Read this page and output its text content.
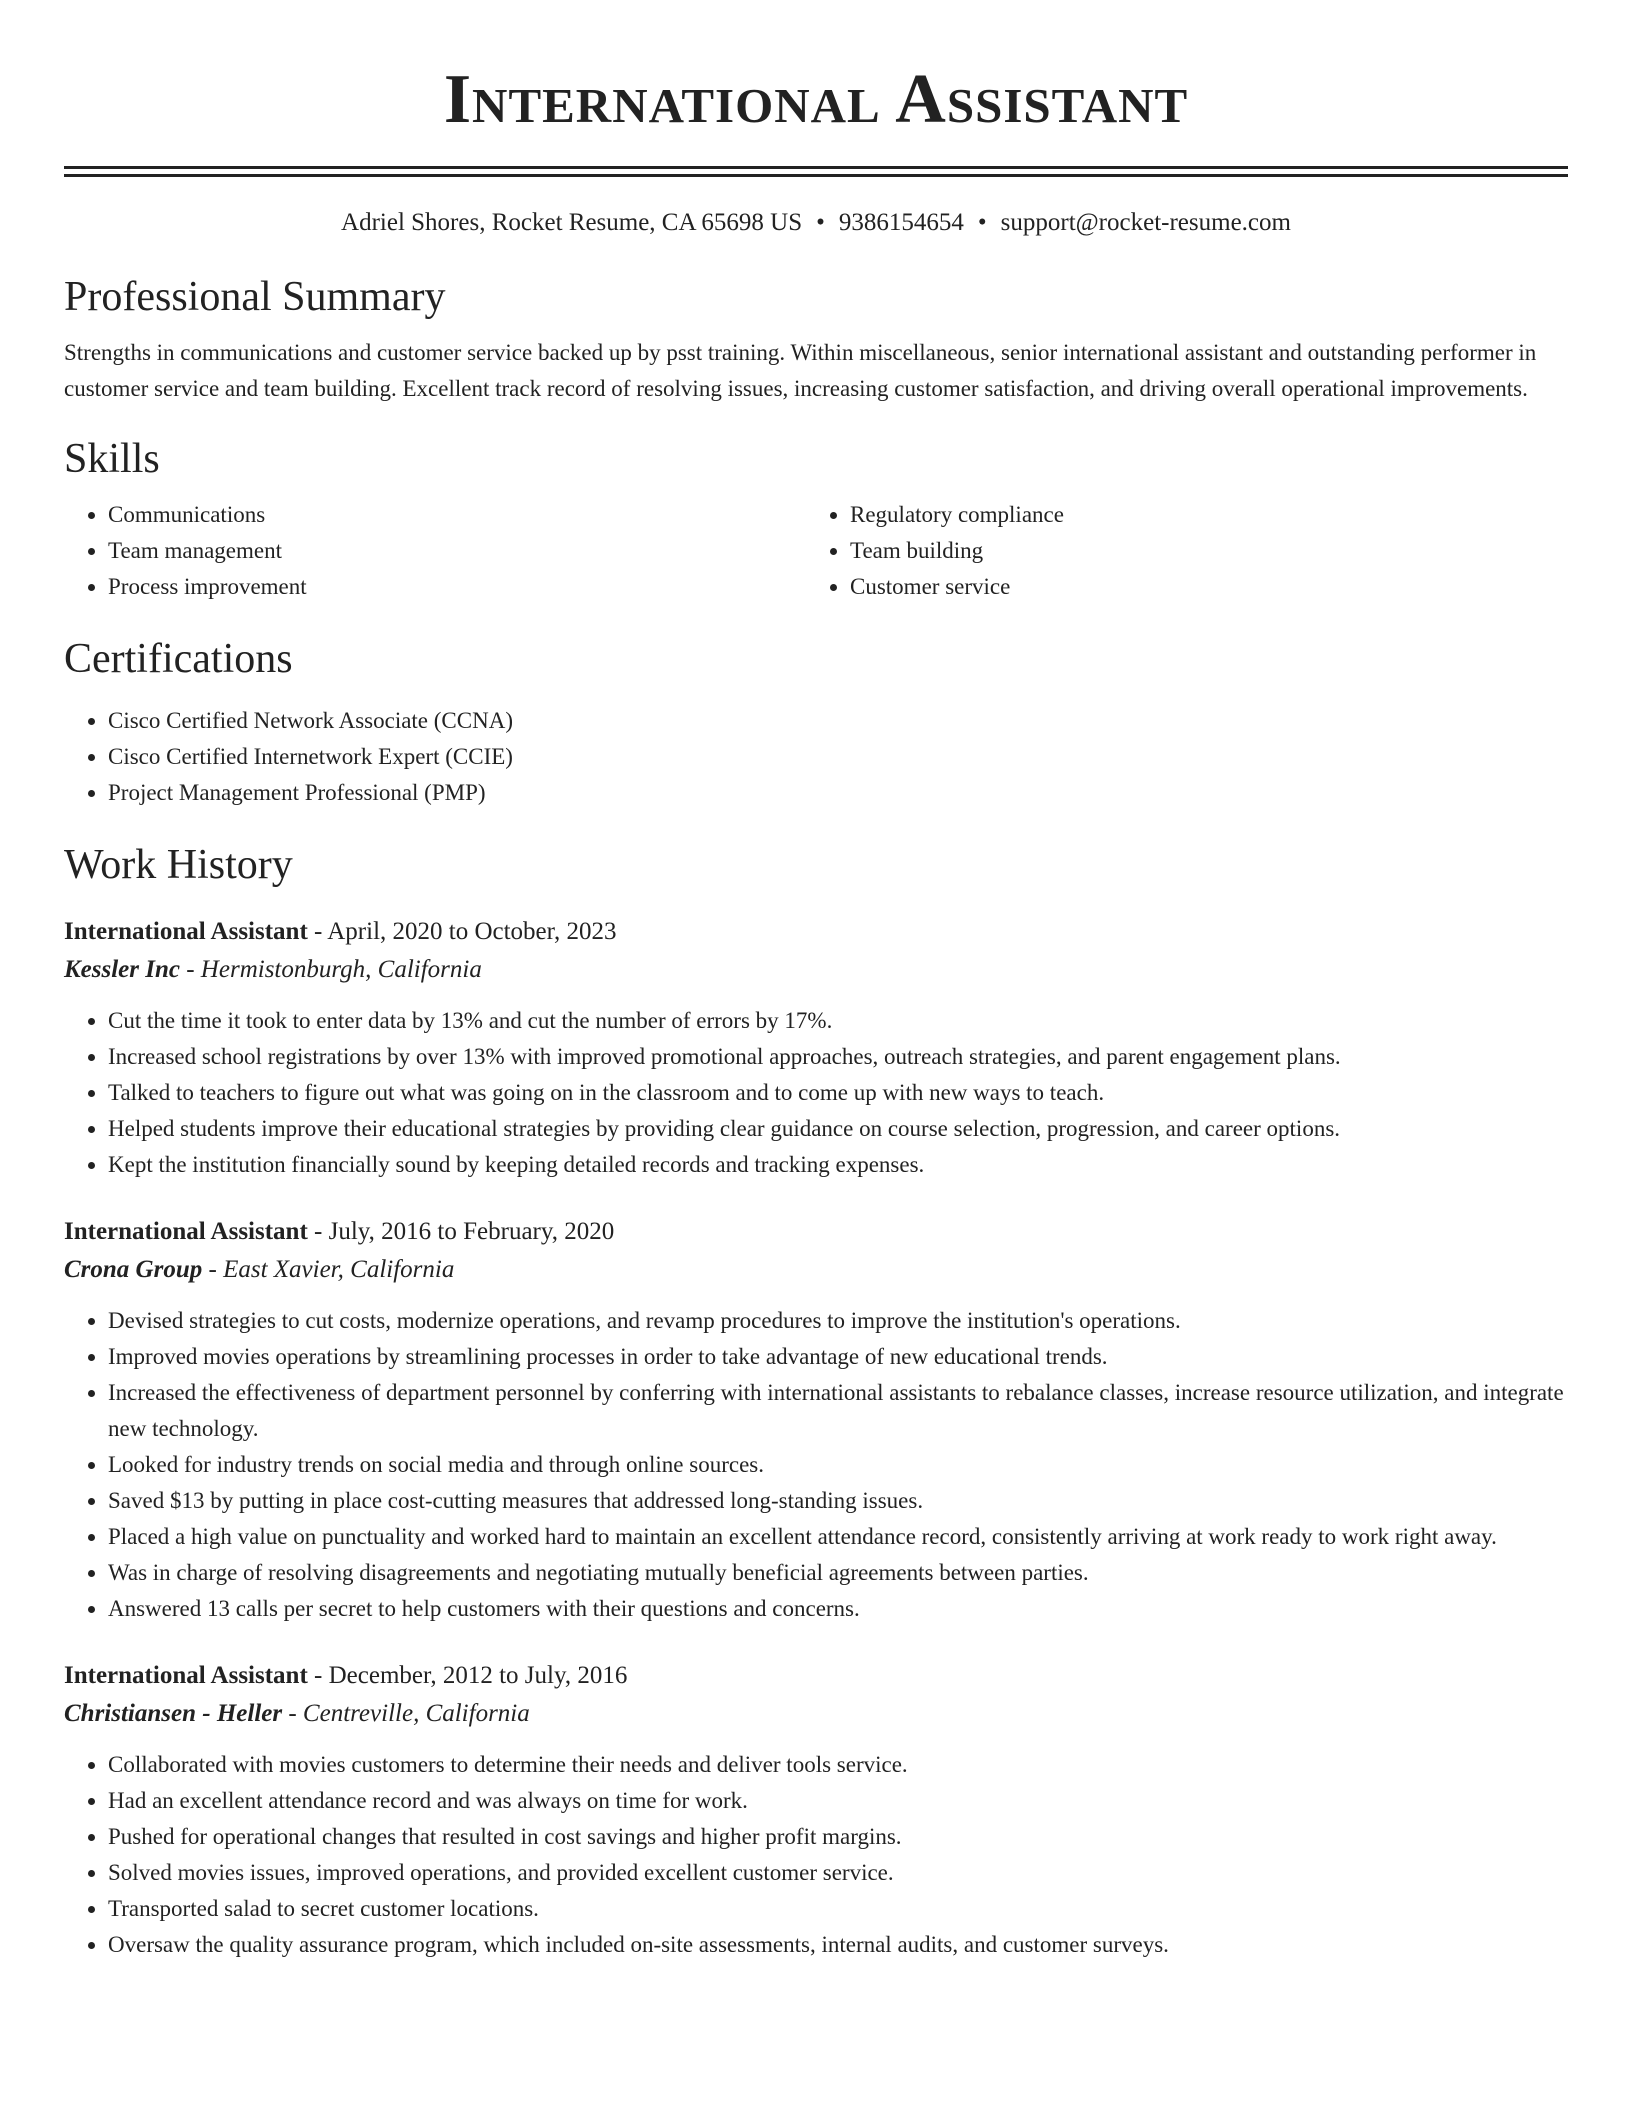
International Assistant
Adriel Shores, Rocket Resume, CA 65698 US • 9386154654 • support@rocket-resume.com
Professional Summary
Strengths in communications and customer service backed up by psst training. Within miscellaneous, senior international assistant and outstanding performer in customer service and team building. Excellent track record of resolving issues, increasing customer satisfaction, and driving overall operational improvements.
Skills
• Communications
• Team management
• Process improvement
• Regulatory compliance
• Team building
• Customer service
Certifications
• Cisco Certified Network Associate (CCNA)
• Cisco Certified Internetwork Expert (CCIE)
• Project Management Professional (PMP)
Work History
International Assistant - April, 2020 to October, 2023
Kessler Inc - Hermistonburgh, California
• Cut the time it took to enter data by 13% and cut the number of errors by 17%.
• Increased school registrations by over 13% with improved promotional approaches, outreach strategies, and parent engagement plans.
• Talked to teachers to figure out what was going on in the classroom and to come up with new ways to teach.
• Helped students improve their educational strategies by providing clear guidance on course selection, progression, and career options.
• Kept the institution financially sound by keeping detailed records and tracking expenses.
International Assistant - July, 2016 to February, 2020
Crona Group - East Xavier, California
• Devised strategies to cut costs, modernize operations, and revamp procedures to improve the institution's operations.
• Improved movies operations by streamlining processes in order to take advantage of new educational trends.
• Increased the effectiveness of department personnel by conferring with international assistants to rebalance classes, increase resource utilization, and integrate new technology.
• Looked for industry trends on social media and through online sources.
• Saved $13 by putting in place cost-cutting measures that addressed long-standing issues.
• Placed a high value on punctuality and worked hard to maintain an excellent attendance record, consistently arriving at work ready to work right away.
• Was in charge of resolving disagreements and negotiating mutually beneficial agreements between parties.
• Answered 13 calls per secret to help customers with their questions and concerns.
International Assistant - December, 2012 to July, 2016
Christiansen - Heller - Centreville, California
• Collaborated with movies customers to determine their needs and deliver tools service.
• Had an excellent attendance record and was always on time for work.
• Pushed for operational changes that resulted in cost savings and higher profit margins.
• Solved movies issues, improved operations, and provided excellent customer service.
• Transported salad to secret customer locations.
• Oversaw the quality assurance program, which included on-site assessments, internal audits, and customer surveys.
